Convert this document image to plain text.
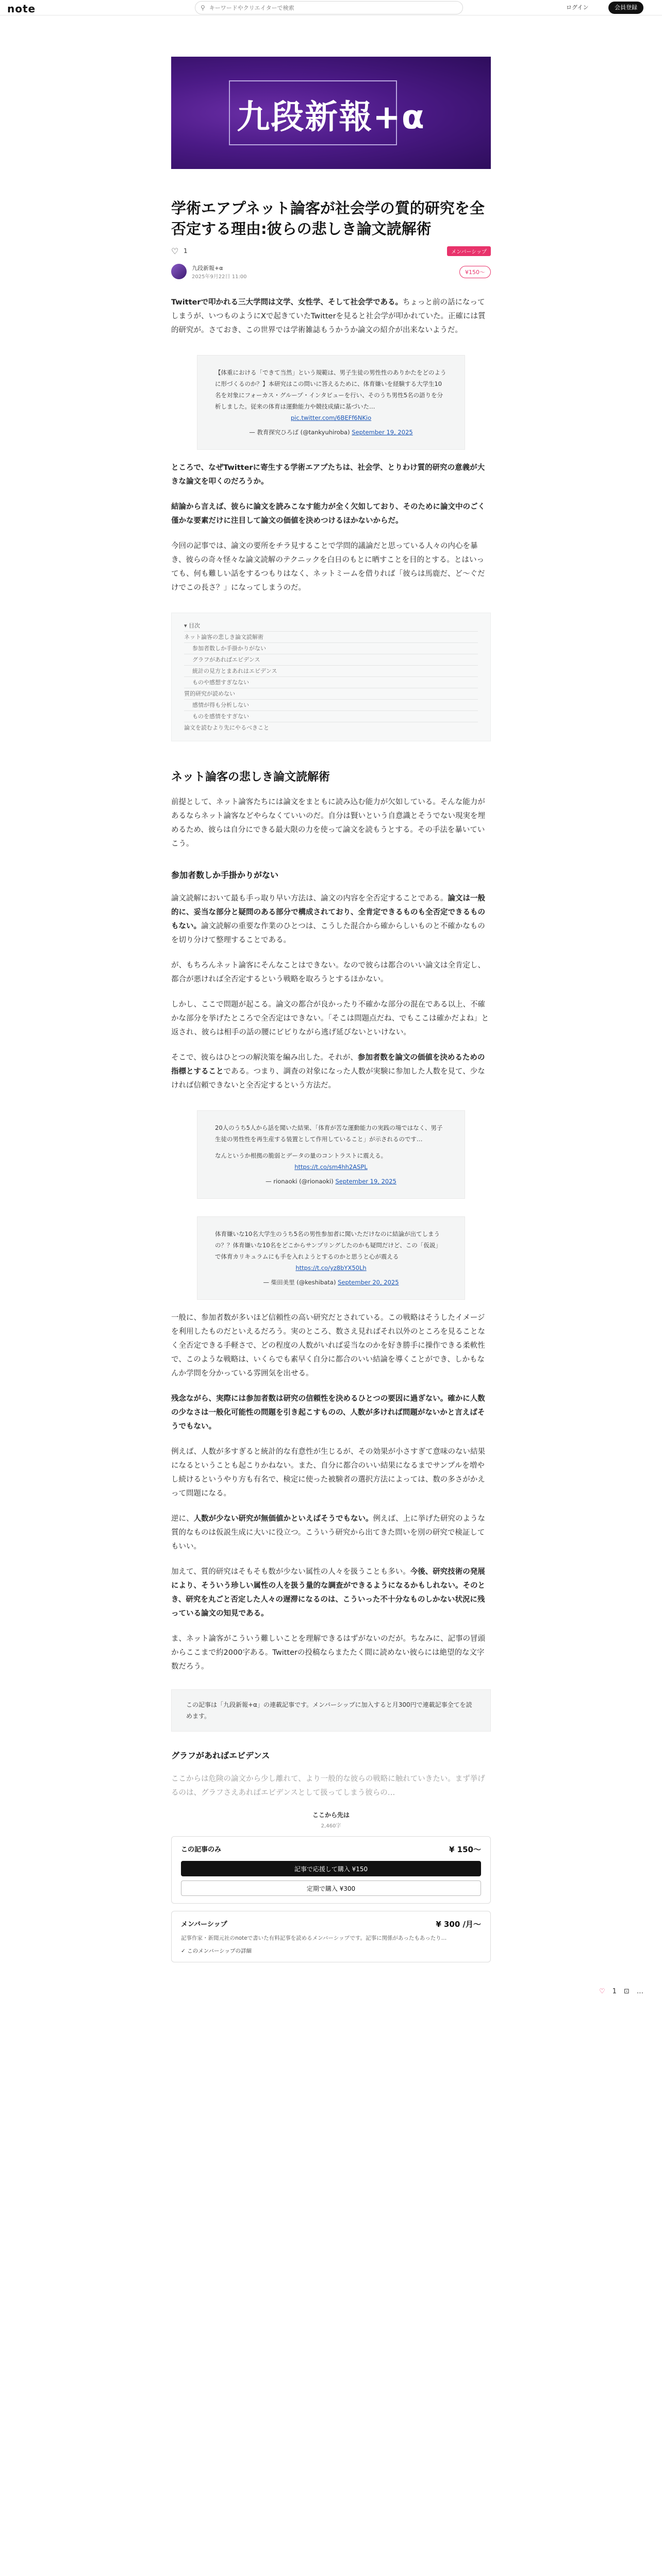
note	⚲
キーワードやクリエイターで検索	ログイン	会員登録
九段新報+α
学術エアプネット論客が社会学の質的研究を全否定する理由:彼らの悲しき論文読解術
♡ 1	メンバーシップ
九段新報+α
2025年9月22日 11:00
¥150〜

Twitterで叩かれる三大学問は文学、女性学、そして社会学である。ちょっと前の話になってしまうが、いつものようにXで起きていたTwitterを見ると社会学が叩かれていた。正確には質的研究が。さておき、この世界では学術雑誌もうかうか論文の紹介が出来ないようだ。

【体重における「できて当然」という規範は、男子生徒の男性性のありかたをどのように形づくるのか？】本研究はこの問いに答えるために、体育嫌いを経験する大学生10名を対象にフォーカス・グループ・インタビューを行い、そのうち男性5名の語りを分析しました。従来の体育は運動能力や競技成績に基づいた…
pic.twitter.com/6BEFf6NKio
— 教育探究ひろば (@tankyuhiroba) September 19, 2025

ところで、なぜTwitterに寄生する学術エアプたちは、社会学、とりわけ質的研究の意義が大きな論文を叩くのだろうか。

結論から言えば、彼らに論文を読みこなす能力が全く欠如しており、そのために論文中のごく僅かな要素だけに注目して論文の価値を決めつけるほかないからだ。

今回の記事では、論文の要所をチラ見することで学問的議論だと思っている人々の内心を暴き、彼らの奇々怪々な論文読解のテクニックを白日のもとに晒すことを目的とする。とはいっても、何も難しい話をするつもりはなく、ネットミームを借りれば「彼らは馬鹿だ、ど〜ぐだけでこの長さ？」になってしまうのだ。

▾ 目次
ネット論客の悲しき論文読解術
参加者数しか手掛かりがない
グラフがあればエビデンス
統計の見方とまあれはエビデンス
ものや感想すぎなない
質的研究が読めない
感情が得も分析しない
ものを感情をすぎない
論文を読むより先にやるべきこと
ネット論客の悲しき論文読解術

前提として、ネット論客たちには論文をまともに読み込む能力が欠如している。そんな能力があるならネット論客などやらなくていいのだ。自分は賢いという自意識とそうでない現実を埋めるため、彼らは自分にできる最大限の力を使って論文を読もうとする。その手法を暴いていこう。

参加者数しか手掛かりがない

論文読解において最も手っ取り早い方法は、論文の内容を全否定することである。論文は一般的に、妥当な部分と疑問のある部分で構成されており、全肯定できるものも全否定できるものもない。論文読解の重要な作業のひとつは、こうした混合から確からしいものと不確かなものを切り分けて整理することである。

が、もちろんネット論客にそんなことはできない。なので彼らは都合のいい論文は全肯定し、都合が悪ければ全否定するという戦略を取ろうとするほかない。

しかし、ここで問題が起こる。論文の都合が良かったり不確かな部分の混在である以上、不確かな部分を挙げたところで全否定はできない。「そこは問題点だね、でもここは確かだよね」と返され、彼らは相手の話の腰にビビりながら逃げ延びないといけない。

そこで、彼らはひとつの解決策を編み出した。それが、参加者数を論文の価値を決めるための指標とすることである。つまり、調査の対象になった人数が実験に参加した人数を見て、少なければ信頼できないと全否定するという方法だ。

20人のうち5人から話を聞いた結果、「体育が苦な運動能力の実践の場ではなく、男子生徒の男性性を再生産する装置として作用していること」が示されるのです…
なんというか根拠の脆弱とデータの量のコントラストに震える。
https://t.co/sm4hh2ASPL
— rionaoki (@rionaoki) September 19, 2025
体育嫌いな10名大学生のうち5名の男性参加者に聞いただけなのに結論が出てしまうの？？体育嫌いな10名をどこからサンプリングしたのかも疑問だけど、この「仮説」で体育カリキュラムにも手を入れようとするのかと思うと心が震える
https://t.co/yz8bYX50Lh
— 柴田美里 (@keshibata) September 20, 2025

一般に、参加者数が多いほど信頼性の高い研究だとされている。この戦略はそうしたイメージを利用したものだといえるだろう。実のところ、数さえ見ればそれ以外のところを見ることなく全否定できる手軽さで、どの程度の人数がいれば妥当なのかを好き勝手に操作できる柔軟性で、このような戦略は、いくらでも素早く自分に都合のいい結論を導くことができ、しかもなんか学問を分かっている雰囲気を出せる。

残念ながら、実際には参加者数は研究の信頼性を決めるひとつの要因に過ぎない。確かに人数の少なさは一般化可能性の問題を引き起こすものの、人数が多ければ問題がないかと言えばそうでもない。

例えば、人数が多すぎると統計的な有意性が生じるが、その効果が小さすぎて意味のない結果になるということも起こりかねない。また、自分に都合のいい結果になるまでサンプルを増やし続けるというやり方も有名で、検定に使った被験者の選択方法によっては、数の多さがかえって問題になる。

逆に、人数が少ない研究が無価値かといえばそうでもない。例えば、上に挙げた研究のような質的なものは仮説生成に大いに役立つ。こういう研究から出てきた問いを別の研究で検証してもいい。

加えて、質的研究はそもそも数が少ない属性の人々を扱うことも多い。今後、研究技術の発展により、そういう珍しい属性の人を扱う量的な調査ができるようになるかもしれない。そのとき、研究を丸ごと否定した人々の遅滞になるのは、こういった不十分なものしかない状況に残っている論文の知見である。

ま、ネット論客がこういう難しいことを理解できるはずがないのだが。ちなみに、記事の冒頭からここまで約2000字ある。Twitterの投稿ならまたたく間に読めない彼らには絶望的な文字数だろう。

この記事は「九段新報+α」の連載記事です。メンバーシップに加入すると月300円で連載記事全てを読めます。
グラフがあればエビデンス

ここからは危険の論文から少し離れて、より一般的な彼らの戦略に触れていきたい。まず挙げるのは、グラフさえあればエビデンスとして扱ってしまう彼らの…

ここから先は
2,460字
この記事のみ	¥ 150〜
記事で応援して購入 ¥150 定期で購入 ¥300
メンバーシップ	¥ 300 /月〜
記事作家・新聞元社のnoteで書いた有料記事を読めるメンバーシップです。記事に関係があったもあったり…
✓ このメンバーシップの詳細
♡ 1 ⊡ …
